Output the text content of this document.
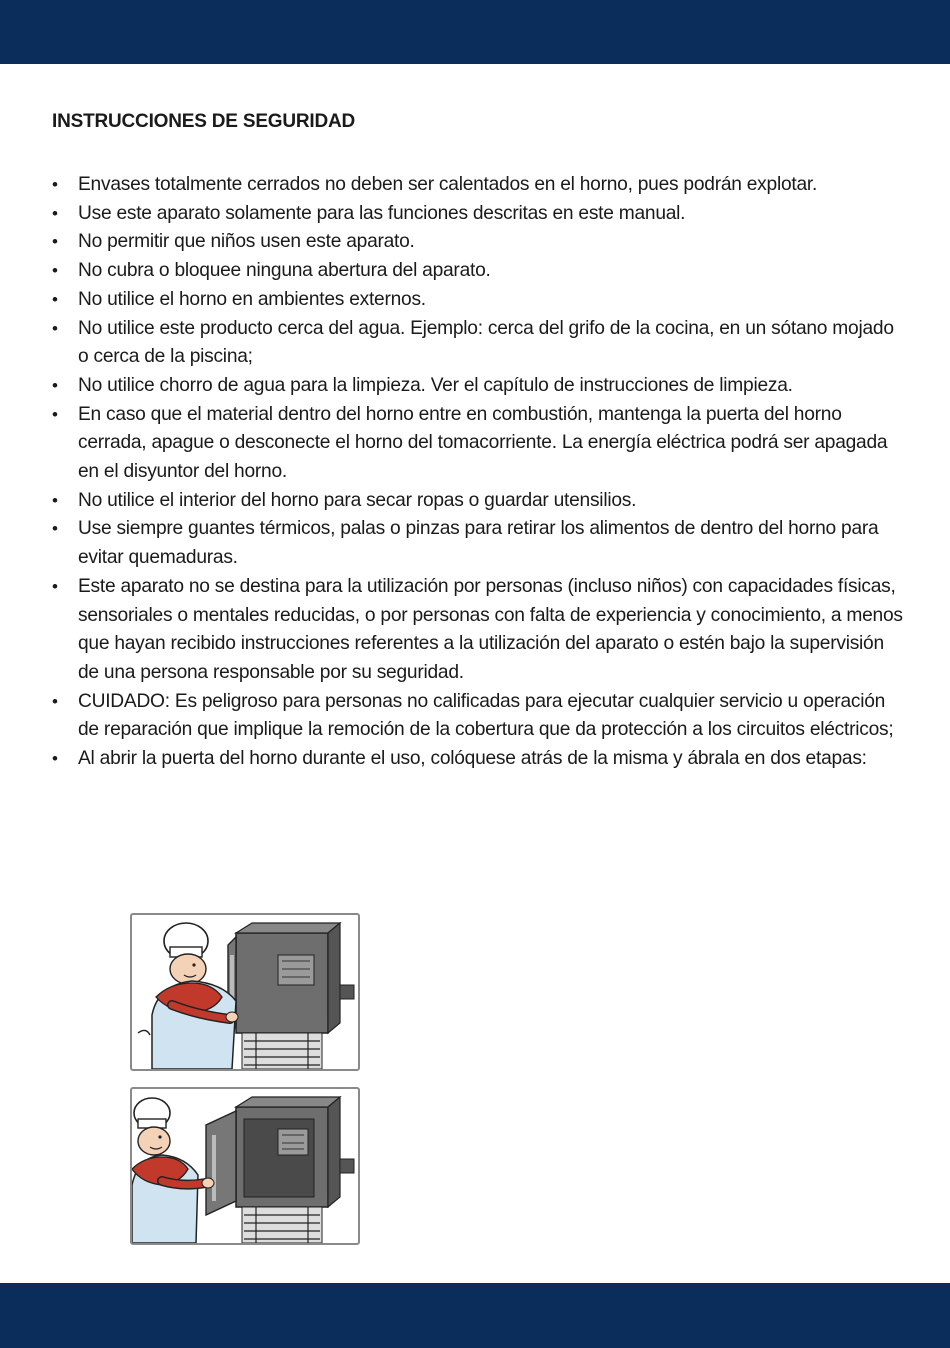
INSTRUCCIONES DE SEGURIDAD
• Envases totalmente cerrados no deben ser calentados en el horno, pues podrán explotar.
• Use este aparato solamente para las funciones descritas en este manual.
• No permitir que niños usen este aparato.
• No cubra o bloquee ninguna abertura del aparato.
• No utilice el horno en ambientes externos.
• No utilice este producto cerca del agua. Ejemplo: cerca del grifo de la cocina, en un sótano mojado o cerca de la piscina;
• No utilice chorro de agua para la limpieza. Ver el capítulo de instrucciones de limpieza.
• En caso que el material dentro del horno entre en combustión, mantenga la puerta del horno cerrada, apague o desconecte el horno del tomacorriente. La energía eléctrica podrá ser apagada en el disyuntor del horno.
• No utilice el interior del horno para secar ropas o guardar utensilios.
• Use siempre guantes térmicos, palas o pinzas para retirar los alimentos de dentro del horno para evitar quemaduras.
• Este aparato no se destina para la utilización por personas (incluso niños) con capacidades físicas, sensoriales o mentales reducidas, o por personas con falta de experiencia y conocimiento, a menos que hayan recibido instrucciones referentes a la utilización del aparato o estén bajo la supervisión de una persona responsable por su seguridad.
• CUIDADO: Es peligroso para personas no calificadas para ejecutar cualquier servicio u operación de reparación que implique la remoción de la cobertura que da protección a los circuitos eléctricos;
• Al abrir la puerta del horno durante el uso, colóquese atrás de la misma y ábrala en dos etapas:
